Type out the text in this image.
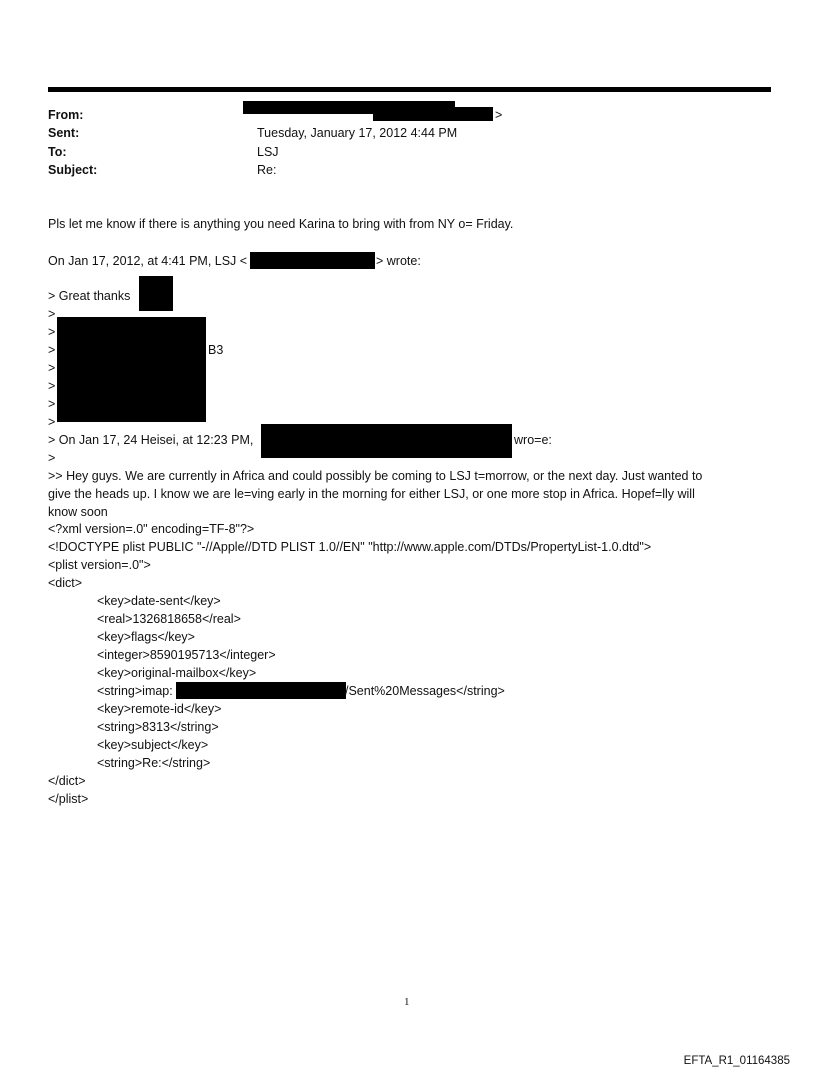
From:	>
Sent:	Tuesday, January 17, 2012 4:44 PM
To:	LSJ
Subject:	Re:
Pls let me know if there is anything you need Karina to bring with from NY o= Friday.
On Jan 17, 2012, at 4:41 PM, LSJ <	> wrote:
> Great thanks
>
>
>
>
>
>
>
B3
> On Jan 17, 24 Heisei, at 12:23 PM,	wro=e:
>
>> Hey guys. We are currently in Africa and could possibly be coming to LSJ t=morrow, or the next day. Just wanted to
give the heads up. I know we are le=ving early in the morning for either LSJ, or one more stop in Africa. Hopef=lly will
know soon
<?xml version=.0" encoding=TF-8"?>
<!DOCTYPE plist PUBLIC "-//Apple//DTD PLIST 1.0//EN" "http://www.apple.com/DTDs/PropertyList-1.0.dtd">
<plist version=.0">
<dict>
<key>date-sent</key>
<real>1326818658</real>
<key>flags</key>
<integer>8590195713</integer>
<key>original-mailbox</key>
<string>imap:	/Sent%20Messages</string>
<key>remote-id</key>
<string>8313</string>
<key>subject</key>
<string>Re:</string>
</dict>
</plist>
1
EFTA_R1_01164385
